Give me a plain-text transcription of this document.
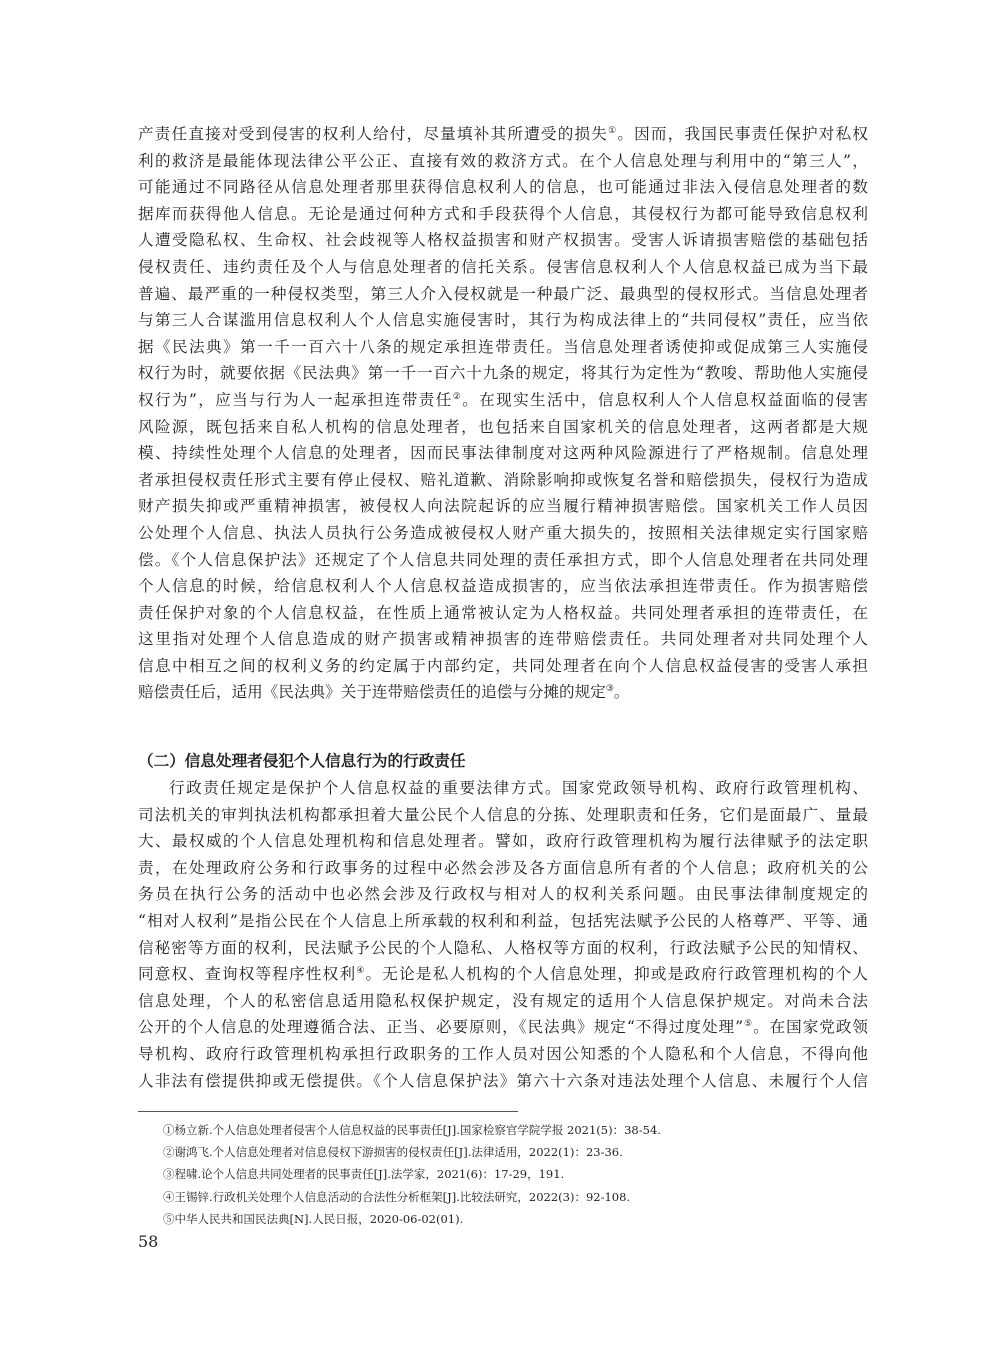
产责任直接对受到侵害的权利人给付，尽量填补其所遭受的损失①。因而，我国民事责任保护对私权
利的救济是最能体现法律公平公正、直接有效的救济方式。在个人信息处理与利用中的“第三人”，
可能通过不同路径从信息处理者那里获得信息权利人的信息，也可能通过非法入侵信息处理者的数
据库而获得他人信息。无论是通过何种方式和手段获得个人信息，其侵权行为都可能导致信息权利
人遭受隐私权、生命权、社会歧视等人格权益损害和财产权损害。受害人诉请损害赔偿的基础包括
侵权责任、违约责任及个人与信息处理者的信托关系。侵害信息权利人个人信息权益已成为当下最
普遍、最严重的一种侵权类型，第三人介入侵权就是一种最广泛、最典型的侵权形式。当信息处理者
与第三人合谋滥用信息权利人个人信息实施侵害时，其行为构成法律上的“共同侵权”责任，应当依
据《民法典》第一千一百六十八条的规定承担连带责任。当信息处理者诱使抑或促成第三人实施侵
权行为时，就要依据《民法典》第一千一百六十九条的规定，将其行为定性为“教唆、帮助他人实施侵
权行为”，应当与行为人一起承担连带责任②。在现实生活中，信息权利人个人信息权益面临的侵害
风险源，既包括来自私人机构的信息处理者，也包括来自国家机关的信息处理者，这两者都是大规
模、持续性处理个人信息的处理者，因而民事法律制度对这两种风险源进行了严格规制。信息处理
者承担侵权责任形式主要有停止侵权、赔礼道歉、消除影响抑或恢复名誉和赔偿损失，侵权行为造成
财产损失抑或严重精神损害，被侵权人向法院起诉的应当履行精神损害赔偿。国家机关工作人员因
公处理个人信息、执法人员执行公务造成被侵权人财产重大损失的，按照相关法律规定实行国家赔
偿。《个人信息保护法》还规定了个人信息共同处理的责任承担方式，即个人信息处理者在共同处理
个人信息的时候，给信息权利人个人信息权益造成损害的，应当依法承担连带责任。作为损害赔偿
责任保护对象的个人信息权益，在性质上通常被认定为人格权益。共同处理者承担的连带责任，在
这里指对处理个人信息造成的财产损害或精神损害的连带赔偿责任。共同处理者对共同处理个人
信息中相互之间的权利义务的约定属于内部约定，共同处理者在向个人信息权益侵害的受害人承担
赔偿责任后，适用《民法典》关于连带赔偿责任的追偿与分摊的规定③。
（二）信息处理者侵犯个人信息行为的行政责任
行政责任规定是保护个人信息权益的重要法律方式。国家党政领导机构、政府行政管理机构、
司法机关的审判执法机构都承担着大量公民个人信息的分拣、处理职责和任务，它们是面最广、量最
大、最权威的个人信息处理机构和信息处理者。譬如，政府行政管理机构为履行法律赋予的法定职
责，在处理政府公务和行政事务的过程中必然会涉及各方面信息所有者的个人信息；政府机关的公
务员在执行公务的活动中也必然会涉及行政权与相对人的权利关系问题。由民事法律制度规定的
“相对人权利”是指公民在个人信息上所承载的权利和利益，包括宪法赋予公民的人格尊严、平等、通
信秘密等方面的权利，民法赋予公民的个人隐私、人格权等方面的权利，行政法赋予公民的知情权、
同意权、查询权等程序性权利④。无论是私人机构的个人信息处理，抑或是政府行政管理机构的个人
信息处理，个人的私密信息适用隐私权保护规定，没有规定的适用个人信息保护规定。对尚未合法
公开的个人信息的处理遵循合法、正当、必要原则，《民法典》规定“不得过度处理”⑤。在国家党政领
导机构、政府行政管理机构承担行政职务的工作人员对因公知悉的个人隐私和个人信息，不得向他
人非法有偿提供抑或无偿提供。《个人信息保护法》第六十六条对违法处理个人信息、未履行个人信
①杨立新.个人信息处理者侵害个人信息权益的民事责任[J].国家检察官学院学报 2021(5)：38-54.
②谢鸿飞.个人信息处理者对信息侵权下游损害的侵权责任[J].法律适用，2022(1)：23-36.
③程啸.论个人信息共同处理者的民事责任[J].法学家，2021(6)：17-29，191.
④王锡锌.行政机关处理个人信息活动的合法性分析框架[J].比较法研究，2022(3)：92-108.
⑤中华人民共和国民法典[N].人民日报，2020-06-02(01).
58
